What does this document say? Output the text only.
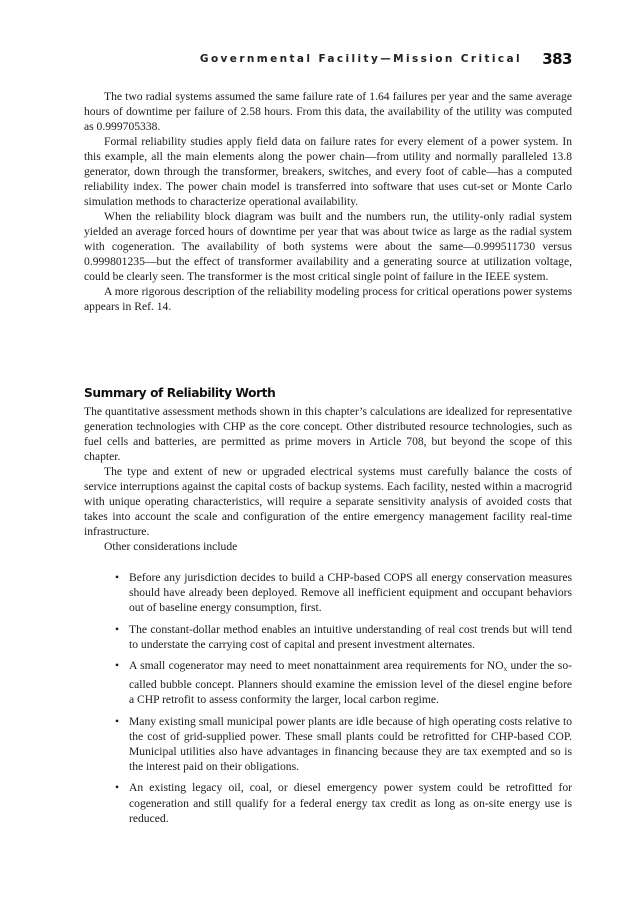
Governmental Facility—Mission Critical 383

The two radial systems assumed the same failure rate of 1.64 failures per year and the same average hours of downtime per failure of 2.58 hours. From this data, the availability of the utility was computed as 0.999705338.

Formal reliability studies apply field data on failure rates for every element of a power system. In this example, all the main elements along the power chain—from utility and normally paralleled 13.8 generator, down through the transformer, breakers, switches, and every foot of cable—has a computed reliability index. The power chain model is transferred into software that uses cut-set or Monte Carlo simulation methods to characterize operational availability.

When the reliability block diagram was built and the numbers run, the utility-only radial system yielded an average forced hours of downtime per year that was about twice as large as the radial system with cogeneration. The availability of both systems were about the same—0.999511730 versus 0.999801235—but the effect of transformer availability and a generating source at utilization voltage, could be clearly seen. The transformer is the most critical single point of failure in the IEEE system.

A more rigorous description of the reliability modeling process for critical operations power systems appears in Ref. 14.

Summary of Reliability Worth

The quantitative assessment methods shown in this chapter’s calculations are idealized for representative generation technologies with CHP as the core concept. Other distributed resource technologies, such as fuel cells and batteries, are permitted as prime movers in Article 708, but beyond the scope of this chapter.

The type and extent of new or upgraded electrical systems must carefully balance the costs of service interruptions against the capital costs of backup systems. Each facility, nested within a macrogrid with unique operating characteristics, will require a separate sensitivity analysis of avoided costs that takes into account the scale and configuration of the entire emergency management facility real-time infrastructure.

Other considerations include

• Before any jurisdiction decides to build a CHP-based COPS all energy conservation measures should have already been deployed. Remove all inefficient equipment and occupant behaviors out of baseline energy consumption, first.
• The constant-dollar method enables an intuitive understanding of real cost trends but will tend to understate the carrying cost of capital and present investment alternates.
• A small cogenerator may need to meet nonattainment area requirements for $NO_x$ under the so-called bubble concept. Planners should examine the emission level of the diesel engine before a CHP retrofit to assess conformity the larger, local carbon regime.
• Many existing small municipal power plants are idle because of high operating costs relative to the cost of grid-supplied power. These small plants could be retrofitted for CHP-based COP. Municipal utilities also have advantages in financing because they are tax exempted and so is the interest paid on their obligations.
• An existing legacy oil, coal, or diesel emergency power system could be retrofitted for cogeneration and still qualify for a federal energy tax credit as long as on-site energy use is reduced.
